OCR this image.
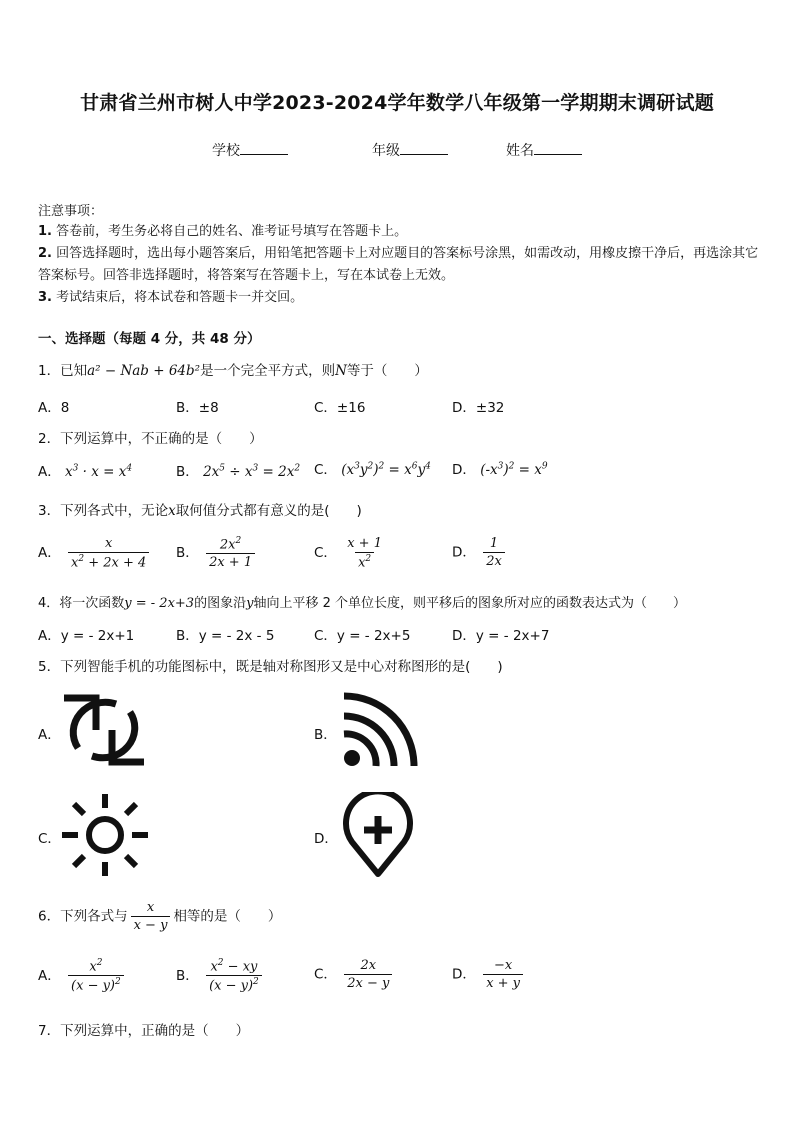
甘肃省兰州市树人中学2023-2024学年数学八年级第一学期期末调研试题
学校	年级	姓名
注意事项：
1. 答卷前，考生务必将自己的姓名、准考证号填写在答题卡上。
2. 回答选择题时，选出每小题答案后，用铅笔把答题卡上对应题目的答案标号涂黑，如需改动，用橡皮擦干净后，再选涂其它答案标号。回答非选择题时，将答案写在答题卡上，写在本试卷上无效。
3. 考试结束后，将本试卷和答题卡一并交回。
一、选择题（每题 4 分，共 48 分）
1．已知a² − Nab + 64b²是一个完全平方式，则N等于（　　）
A．8	B．±8	C．±16	D．±32
2．下列运算中，不正确的是（　　）
A． $x^3 \cdot x = x^4$	B． $2x^5 \div x^3 = 2x^2$ C． $(x^3y^2)^2 = x^6y^4$ D． $(-x^3)^2 = x^9$
3．下列各式中，无论x取何值分式都有意义的是(　　)
A． $\frac{x}{x^2 + 2x + 4}$ B． $\frac{2x^2}{2x + 1}$	C． $\frac{x + 1}{x^2}$	D． $\frac{1}{2x}$
4．将一次函数y = - 2x+3的图象沿y轴向上平移 2 个单位长度，则平移后的图象所对应的函数表达式为（　　）
A．y = - 2x+1	B．y = - 2x - 5	C．y = - 2x+5	D．y = - 2x+7
5．下列智能手机的功能图标中，既是轴对称图形又是中心对称图形的是(　　)
A．	B．
C．	D．
6．下列各式与 $\frac{x}{x - y}$ 相等的是（　　）
A． $\frac{x^2}{(x - y)^2}$	B． $\frac{x^2 - xy}{(x - y)^2}$	C． $\frac{2x}{2x - y}$	D． $\frac{-x}{x + y}$
7．下列运算中，正确的是（　　）
